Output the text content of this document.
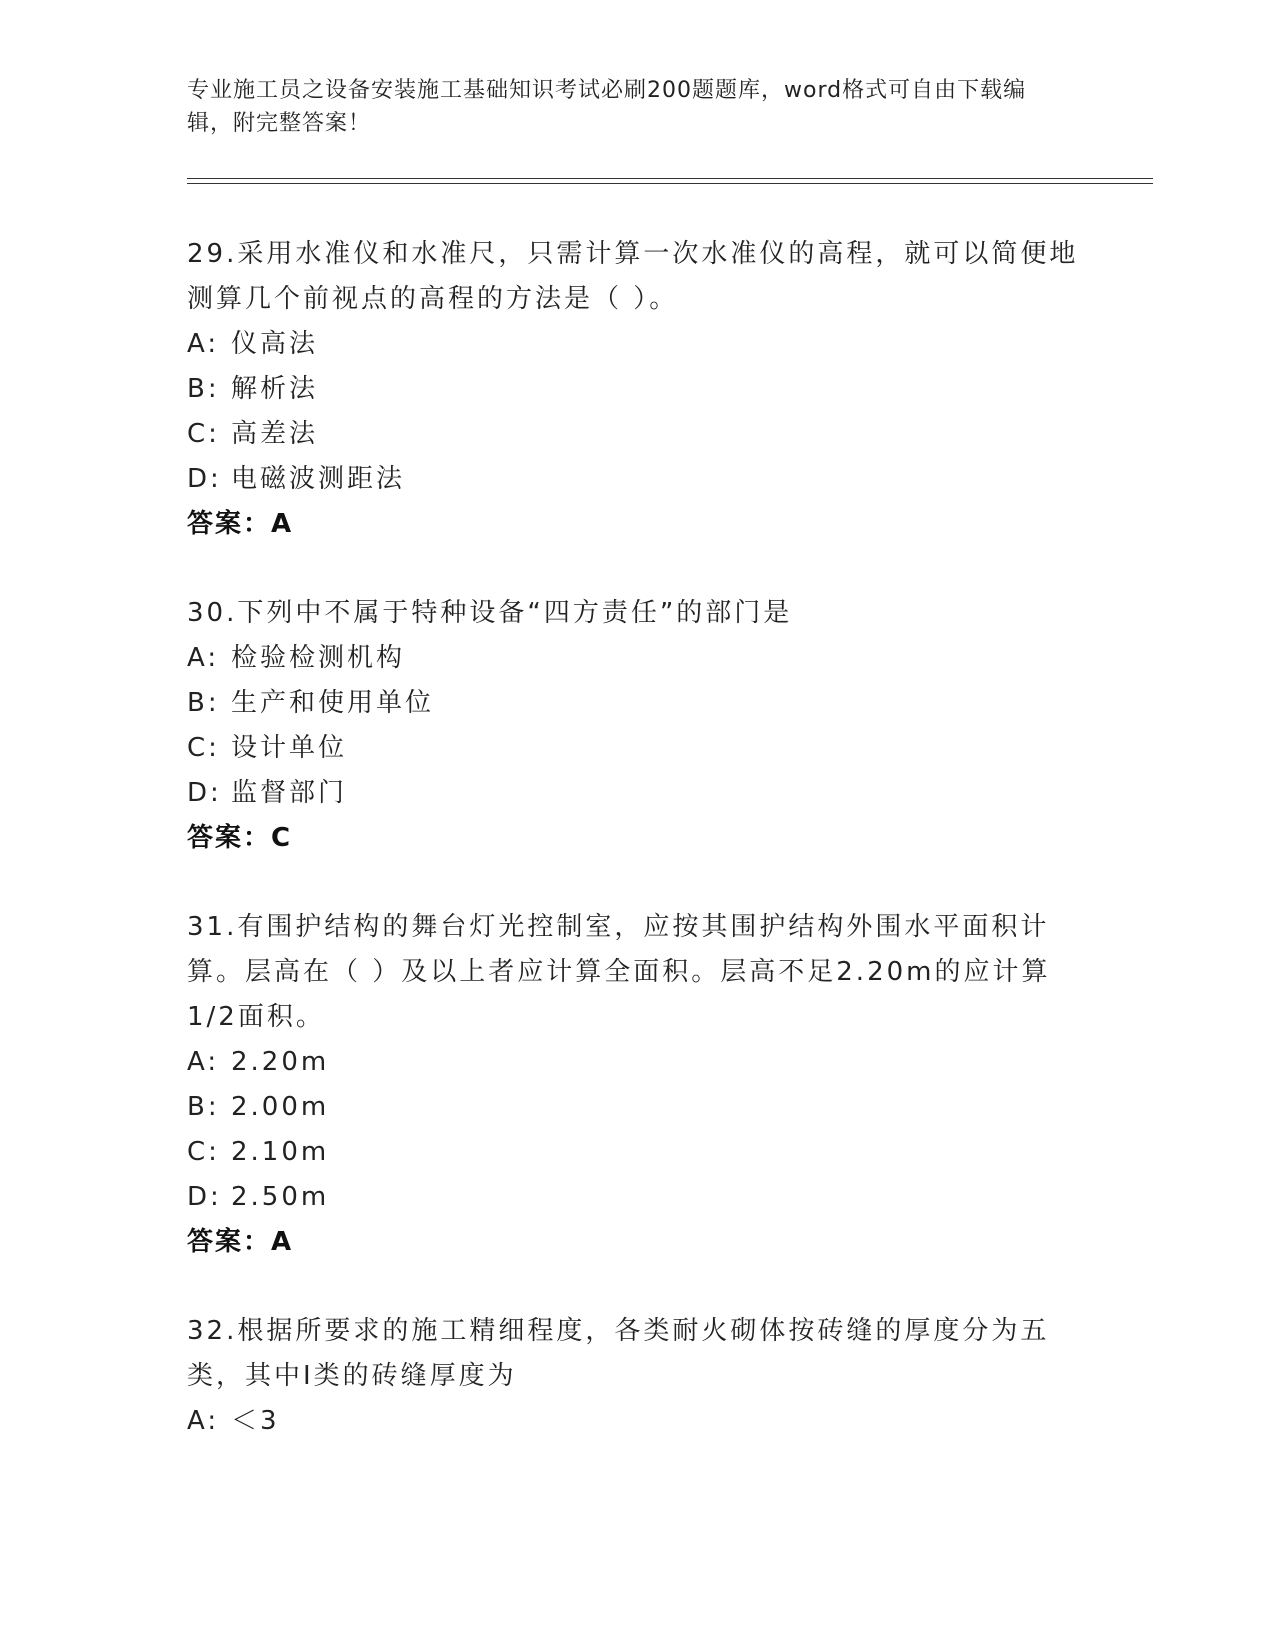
专业施工员之设备安装施工基础知识考试必刷200题题库，word格式可自由下载编辑，附完整答案！

29.采用水准仪和水准尺，只需计算一次水准仪的高程，就可以简便地测算几个前视点的高程的方法是（ ）。

A: 仪高法

B: 解析法

C: 高差法

D: 电磁波测距法

答案：A

30.下列中不属于特种设备“四方责任”的部门是

A: 检验检测机构

B: 生产和使用单位

C: 设计单位

D: 监督部门

答案：C

31.有围护结构的舞台灯光控制室，应按其围护结构外围水平面积计算。层高在（ ）及以上者应计算全面积。层高不足2.20m的应计算1/2面积。

A: 2.20m

B: 2.00m

C: 2.10m

D: 2.50m

答案：A

32.根据所要求的施工精细程度，各类耐火砌体按砖缝的厚度分为五类，其中Ⅰ类的砖缝厚度为

A: ＜3
